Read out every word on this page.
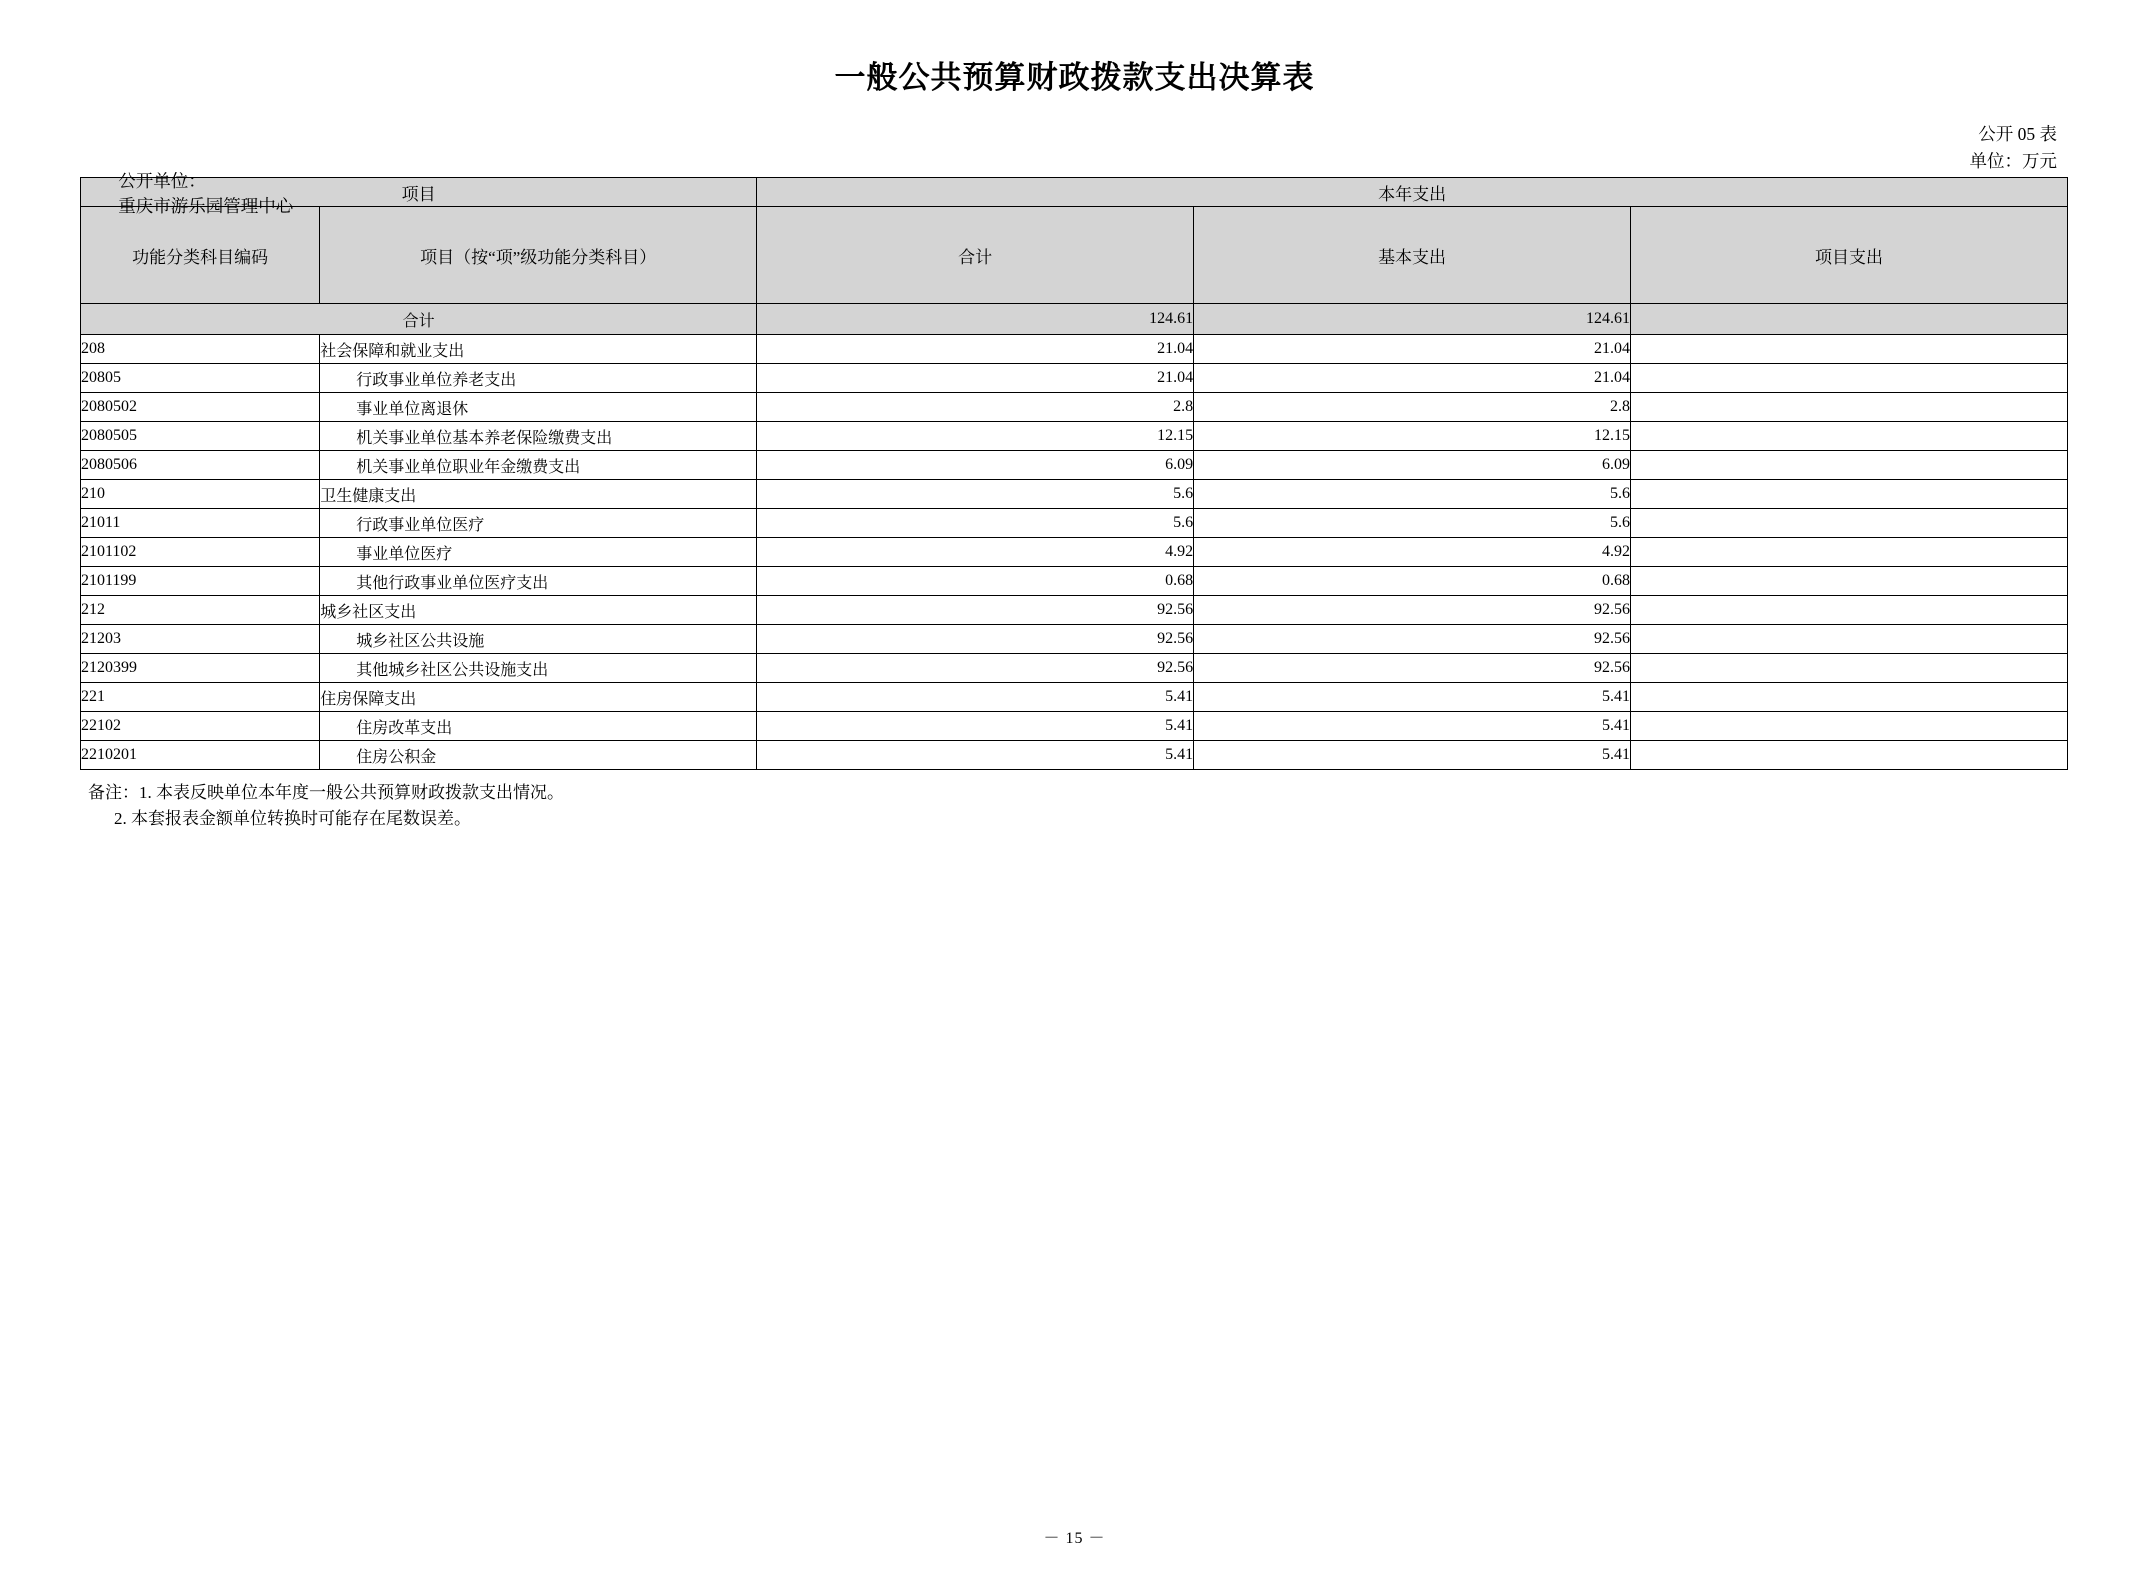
一般公共预算财政拨款支出决算表
公开 05 表
单位：万元

公开单位：
重庆市游乐园管理中心

项目		本年支出		
功能分类科目编码	项目（按“项”级功能分类科目）	合计	基本支出	项目支出
合计		124.61	124.61	
208	社会保障和就业支出	21.04	21.04	
20805	行政事业单位养老支出	21.04	21.04	
2080502	事业单位离退休	2.8	2.8	
2080505	机关事业单位基本养老保险缴费支出	12.15	12.15	
2080506	机关事业单位职业年金缴费支出	6.09	6.09	
210	卫生健康支出	5.6	5.6	
21011	行政事业单位医疗	5.6	5.6	
2101102	事业单位医疗	4.92	4.92	
2101199	其他行政事业单位医疗支出	0.68	0.68	
212	城乡社区支出	92.56	92.56	
21203	城乡社区公共设施	92.56	92.56	
2120399	其他城乡社区公共设施支出	92.56	92.56	
221	住房保障支出	5.41	5.41	
22102	住房改革支出	5.41	5.41	
2210201	住房公积金	5.41	5.41	
备注：1. 本表反映单位本年度一般公共预算财政拨款支出情况。
2. 本套报表金额单位转换时可能存在尾数误差。
－ 15 －
